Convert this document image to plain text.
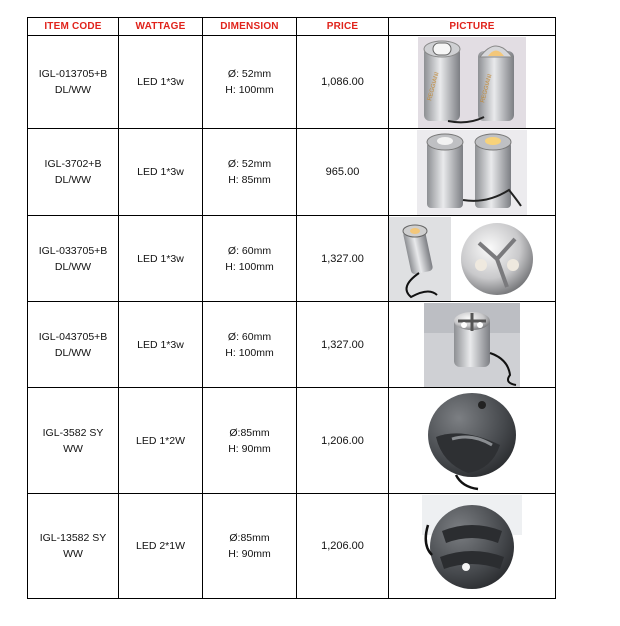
ITEM CODE	WATTAGE	DIMENSION	PRICE	PICTURE
IGL-013705+B
DL/WW	LED 1*3w	Ø: 52mm
H: 100mm	1,086.00	REGGIANI REGGIANI

IGL-3702+B
DL/WW	LED 1*3w	Ø: 52mm
H: 85mm	965.00	

IGL-033705+B
DL/WW	LED 1*3w	Ø: 60mm
H: 100mm	1,327.00	

IGL-043705+B
DL/WW	LED 1*3w	Ø: 60mm
H: 100mm	1,327.00	

IGL-3582 SY
WW	LED 1*2W	Ø:85mm
H: 90mm	1,206.00	

IGL-13582 SY
WW	LED 2*1W	Ø:85mm
H: 90mm	1,206.00	
